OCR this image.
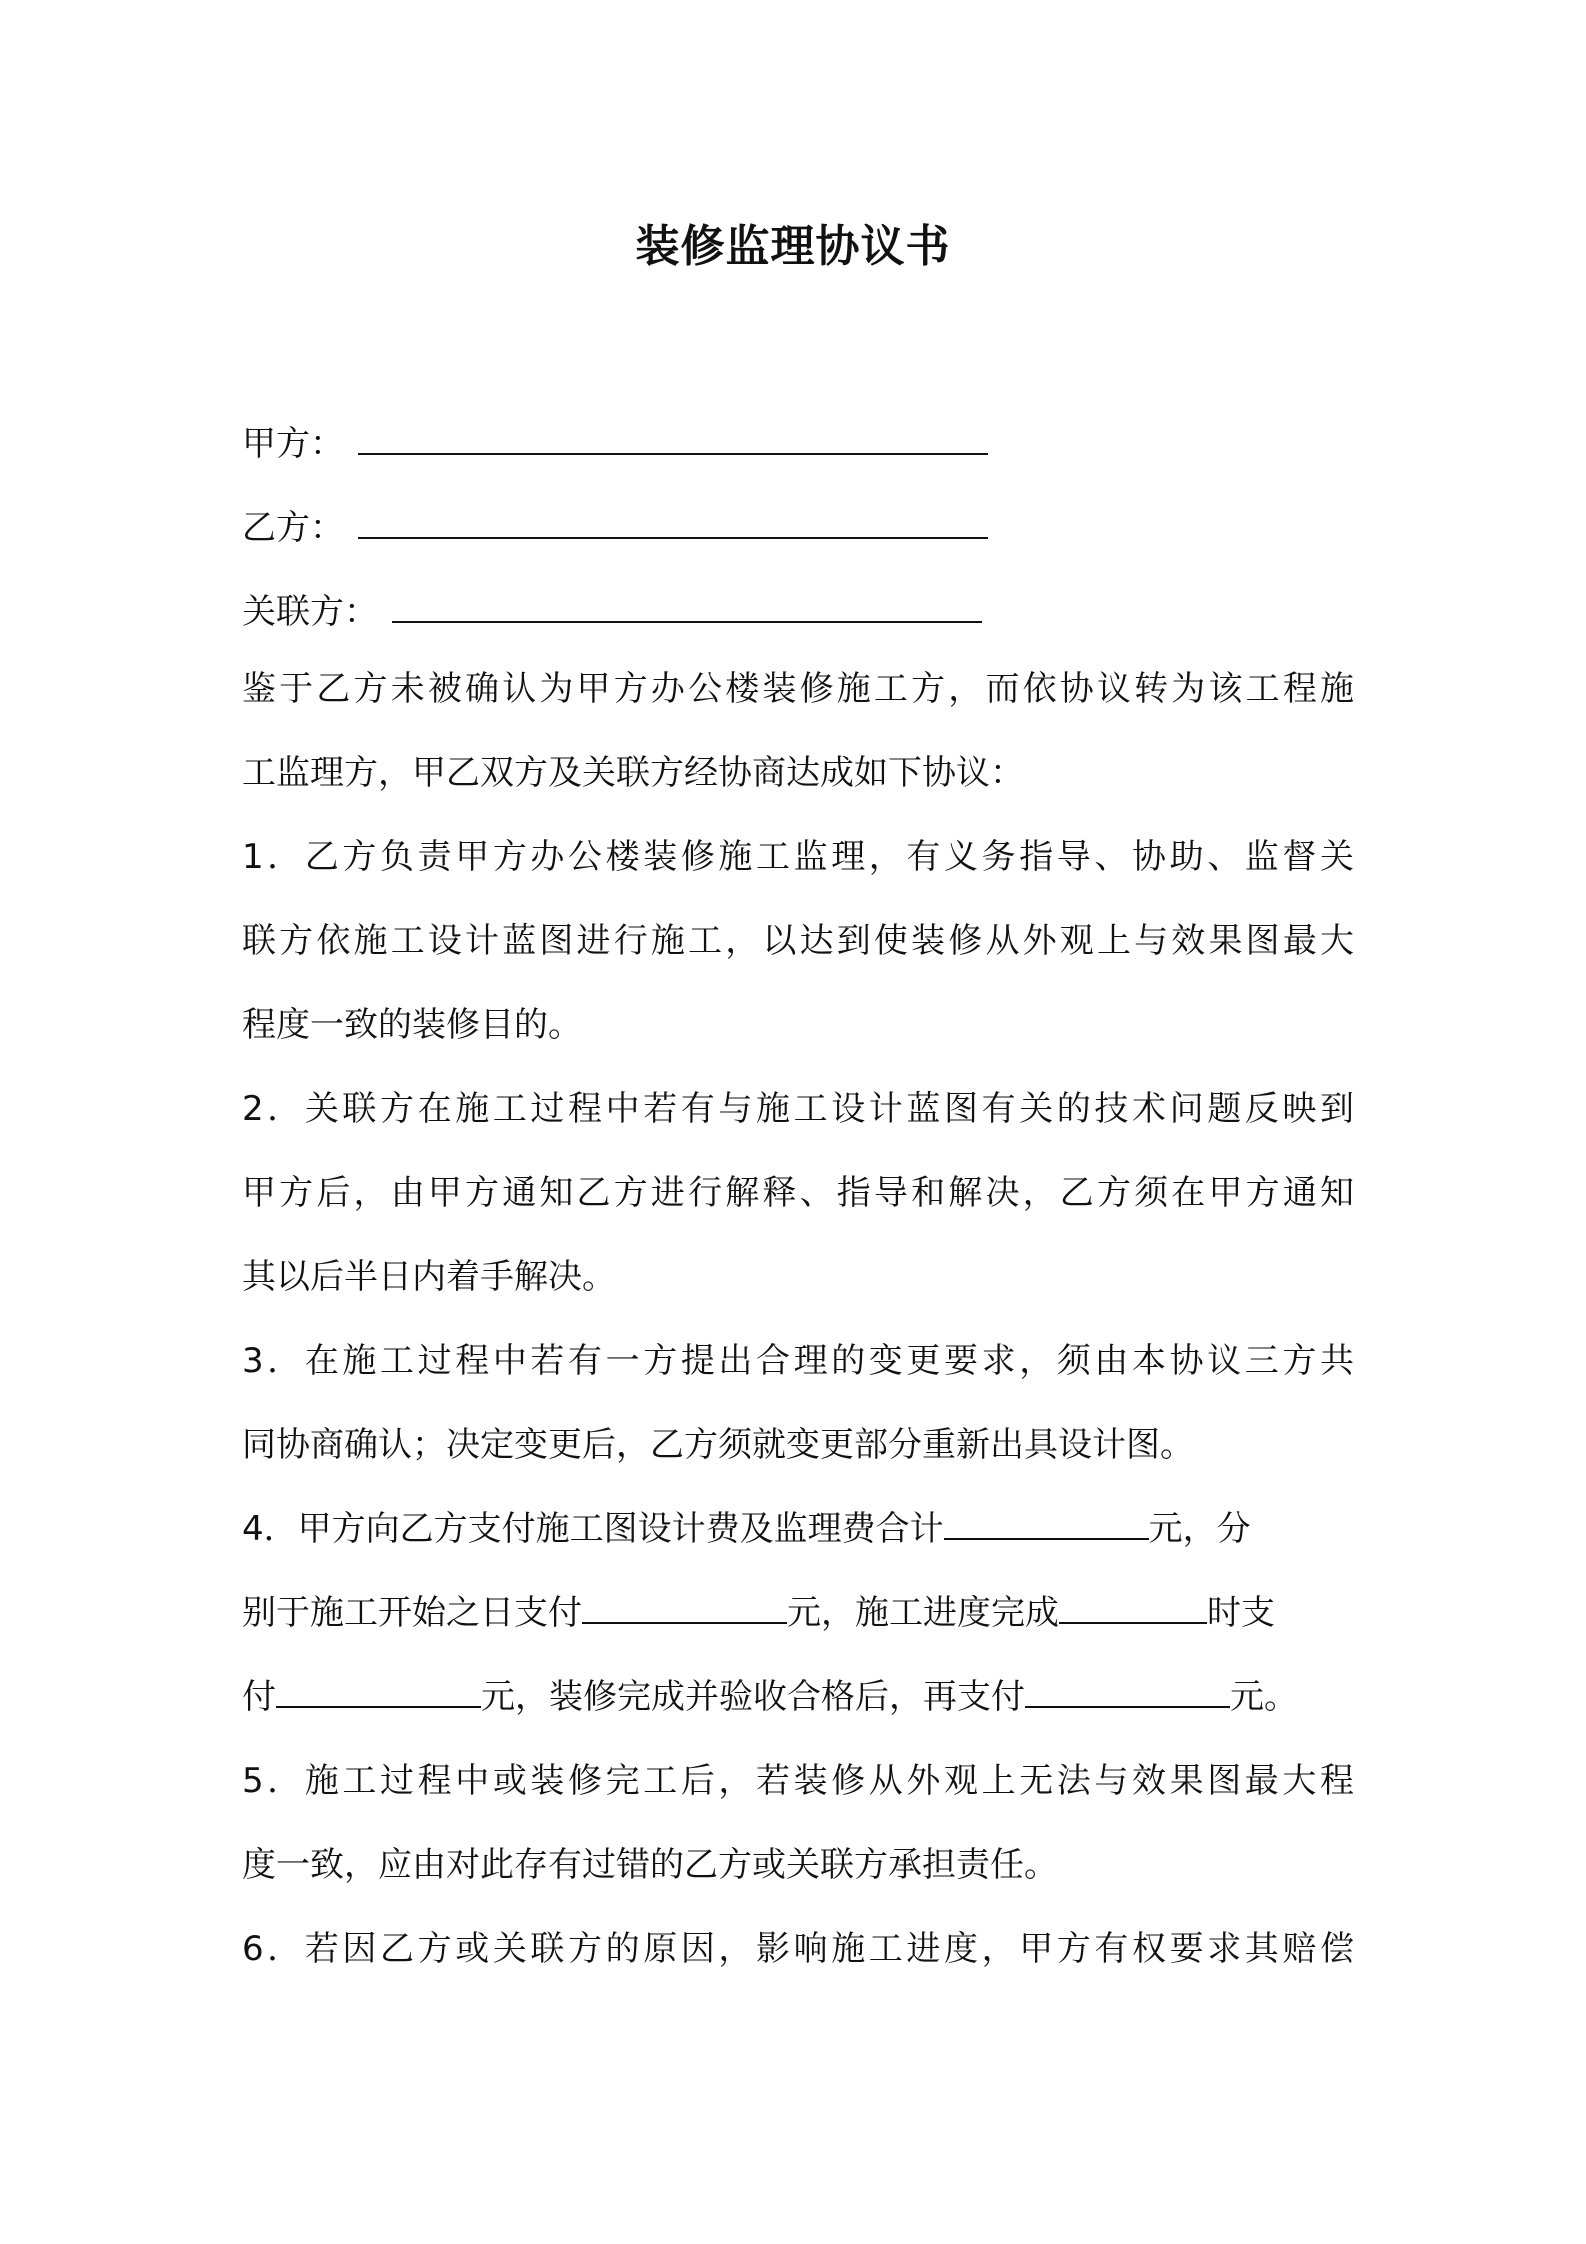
装修监理协议书
甲方：
乙方：
关联方：
鉴于乙方未被确认为甲方办公楼装修施工方，而依协议转为该工程施
工监理方，甲乙双方及关联方经协商达成如下协议：
1．乙方负责甲方办公楼装修施工监理，有义务指导、协助、监督关
联方依施工设计蓝图进行施工，以达到使装修从外观上与效果图最大
程度一致的装修目的。
2．关联方在施工过程中若有与施工设计蓝图有关的技术问题反映到
甲方后，由甲方通知乙方进行解释、指导和解决，乙方须在甲方通知
其以后半日内着手解决。
3．在施工过程中若有一方提出合理的变更要求，须由本协议三方共
同协商确认；决定变更后，乙方须就变更部分重新出具设计图。
4．甲方向乙方支付施工图设计费及监理费合计	元，分
别于施工开始之日支付	元，施工进度完成	时支
付	元，装修完成并验收合格后，再支付	元。
5．施工过程中或装修完工后，若装修从外观上无法与效果图最大程
度一致，应由对此存有过错的乙方或关联方承担责任。
6．若因乙方或关联方的原因，影响施工进度，甲方有权要求其赔偿
